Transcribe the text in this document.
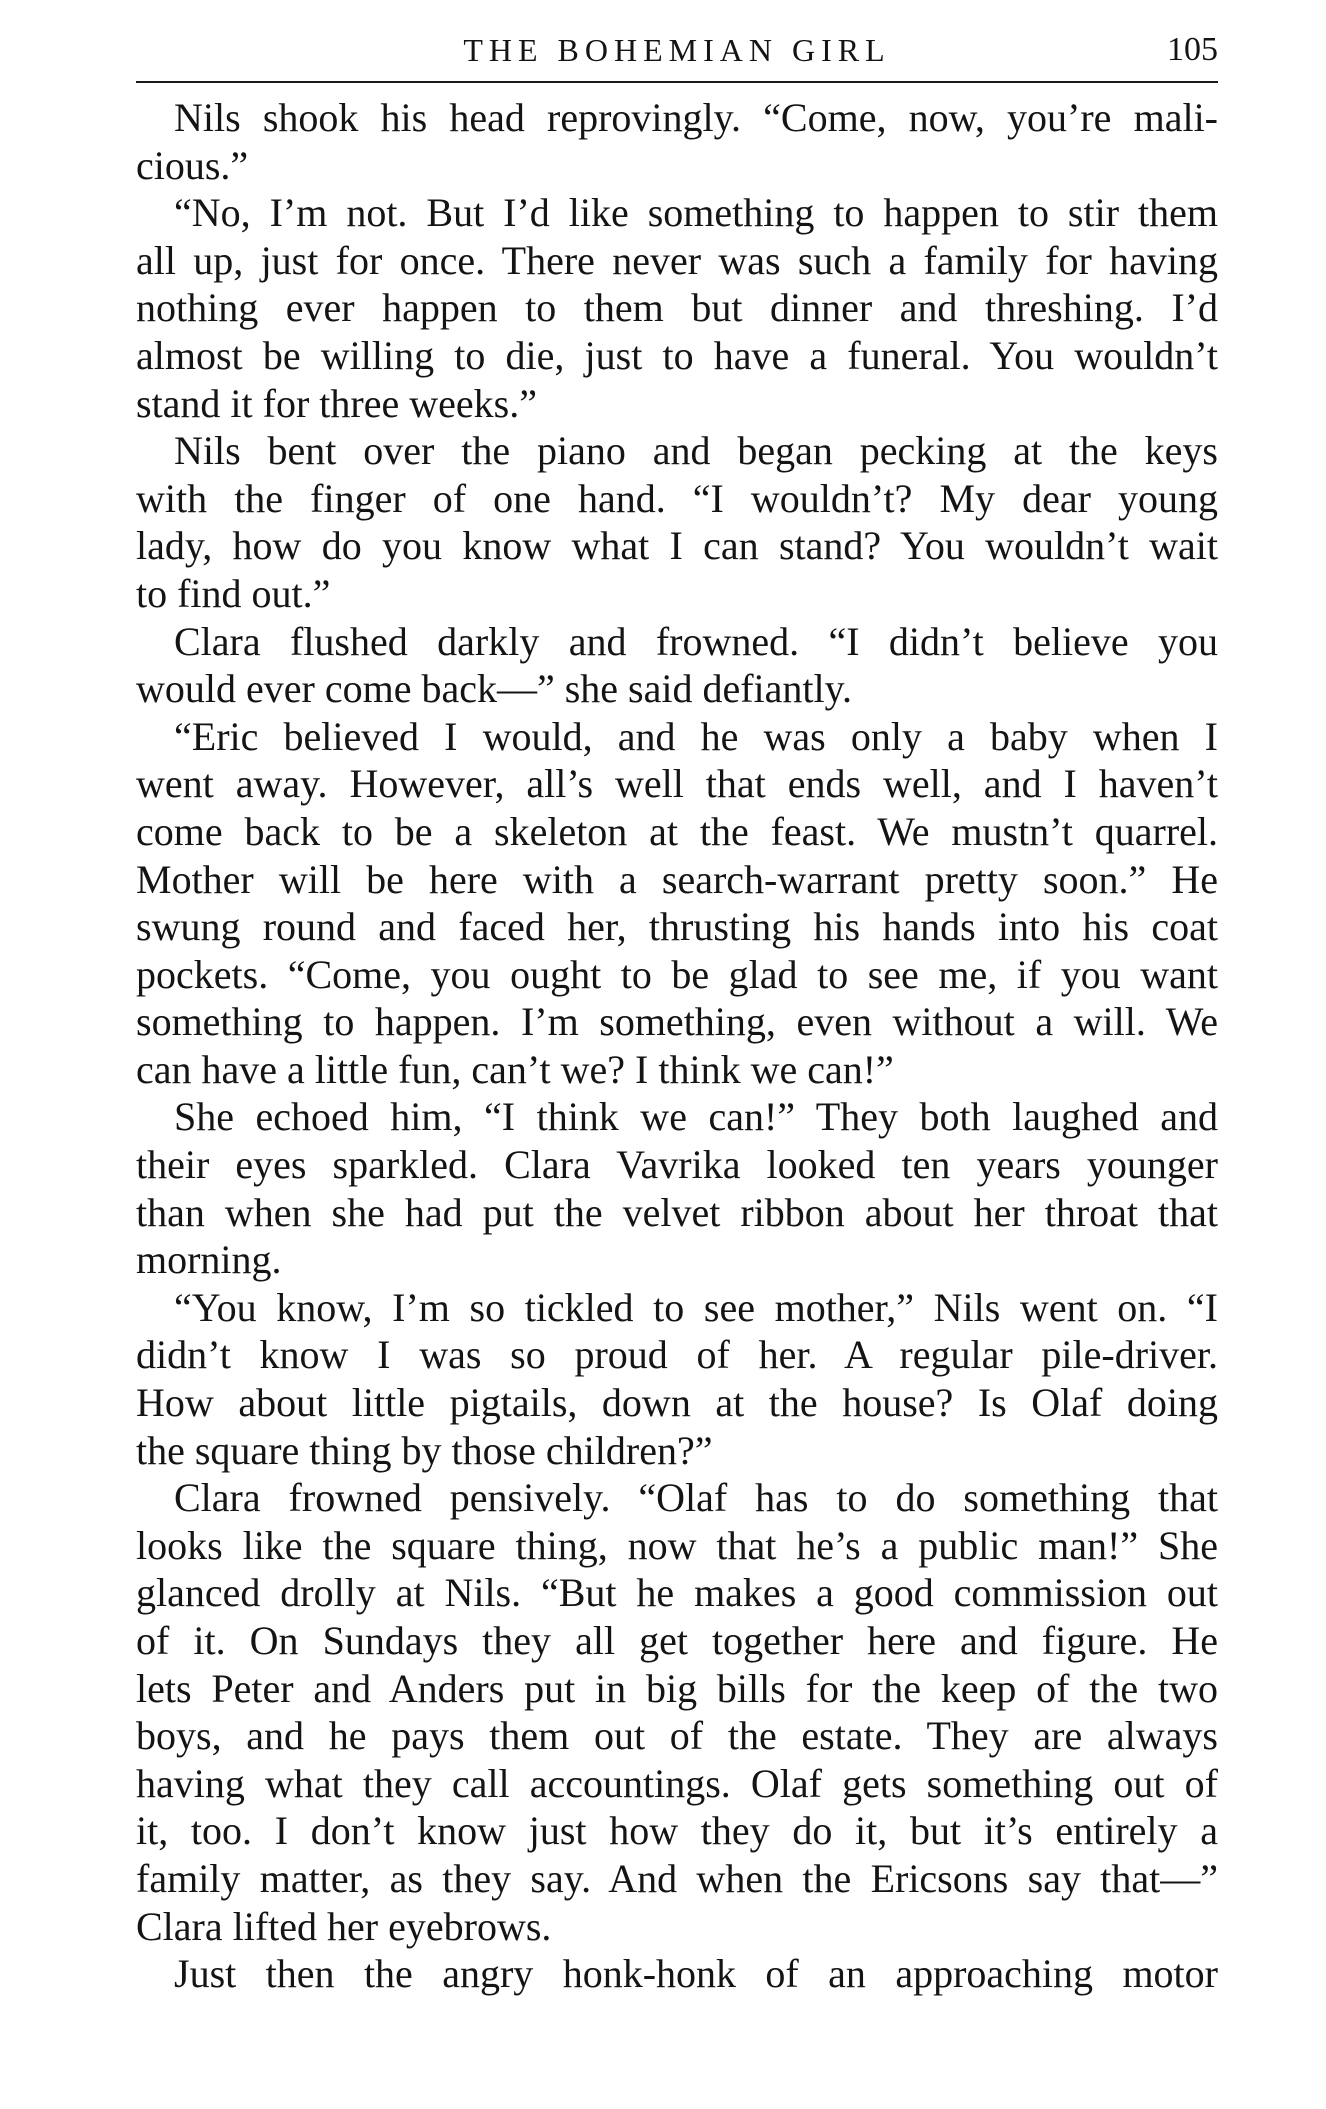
THE BOHEMIAN GIRL	105
Nils shook his head reprovingly. “Come, now, you’re mali-
cious.”
“No, I’m not. But I’d like something to happen to stir them
all up, just for once. There never was such a family for having
nothing ever happen to them but dinner and threshing. I’d
almost be willing to die, just to have a funeral. You wouldn’t
stand it for three weeks.”
Nils bent over the piano and began pecking at the keys
with the finger of one hand. “I wouldn’t? My dear young
lady, how do you know what I can stand? You wouldn’t wait
to find out.”
Clara flushed darkly and frowned. “I didn’t believe you
would ever come back—” she said defiantly.
“Eric believed I would, and he was only a baby when I
went away. However, all’s well that ends well, and I haven’t
come back to be a skeleton at the feast. We mustn’t quarrel.
Mother will be here with a search-warrant pretty soon.” He
swung round and faced her, thrusting his hands into his coat
pockets. “Come, you ought to be glad to see me, if you want
something to happen. I’m something, even without a will. We
can have a little fun, can’t we? I think we can!”
She echoed him, “I think we can!” They both laughed and
their eyes sparkled. Clara Vavrika looked ten years younger
than when she had put the velvet ribbon about her throat that
morning.
“You know, I’m so tickled to see mother,” Nils went on. “I
didn’t know I was so proud of her. A regular pile-driver.
How about little pigtails, down at the house? Is Olaf doing
the square thing by those children?”
Clara frowned pensively. “Olaf has to do something that
looks like the square thing, now that he’s a public man!” She
glanced drolly at Nils. “But he makes a good commission out
of it. On Sundays they all get together here and figure. He
lets Peter and Anders put in big bills for the keep of the two
boys, and he pays them out of the estate. They are always
having what they call accountings. Olaf gets something out of
it, too. I don’t know just how they do it, but it’s entirely a
family matter, as they say. And when the Ericsons say that—”
Clara lifted her eyebrows.
Just then the angry honk-honk of an approaching motor
